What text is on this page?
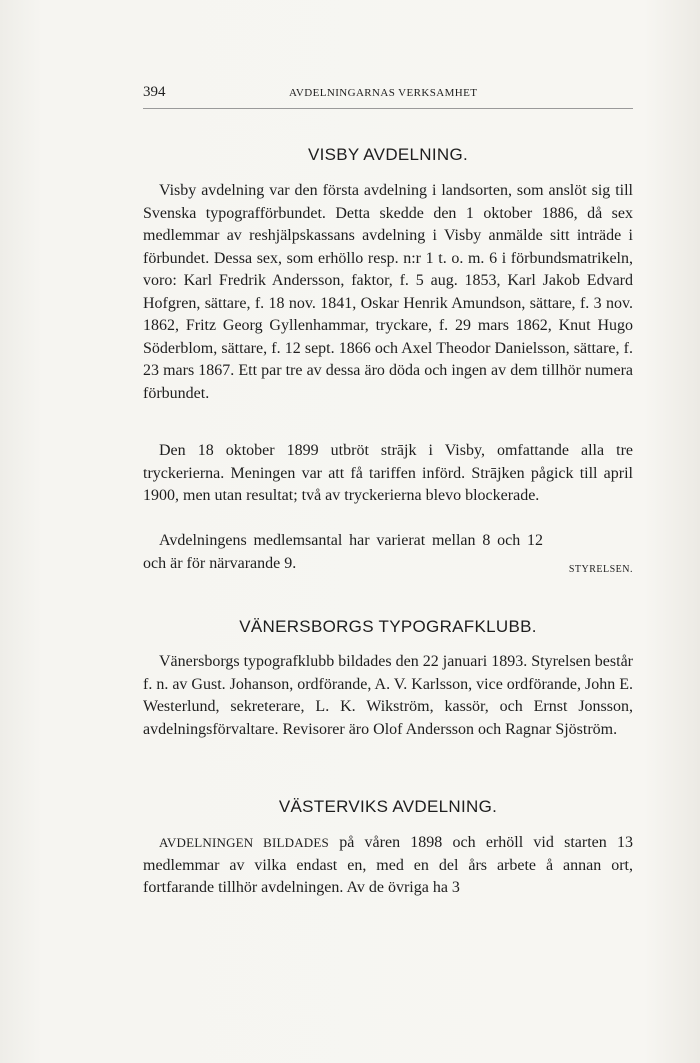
394	AVDELNINGARNAS VERKSAMHET
VISBY AVDELNING.
Visby avdelning var den första avdelning i landsorten, som anslöt sig till Svenska typografförbundet. Detta skedde den 1 oktober 1886, då sex medlemmar av reshjälpskassans avdelning i Visby anmälde sitt inträde i förbundet. Dessa sex, som erhöllo resp. n:r 1 t. o. m. 6 i förbundsmatrikeln, voro: Karl Fredrik Andersson, faktor, f. 5 aug. 1853, Karl Jakob Edvard Hofgren, sättare, f. 18 nov. 1841, Oskar Henrik Amundson, sättare, f. 3 nov. 1862, Fritz Georg Gyllenhammar, tryckare, f. 29 mars 1862, Knut Hugo Söderblom, sättare, f. 12 sept. 1866 och Axel Theodor Danielsson, sättare, f. 23 mars 1867. Ett par tre av dessa äro döda och ingen av dem tillhör numera förbundet.
Den 18 oktober 1899 utbröt strājk i Visby, omfattande alla tre tryckerierna. Meningen var att få tariffen införd. Strājken pågick till april 1900, men utan resultat; två av tryckerierna blevo blockerade.
Avdelningens medlemsantal har varierat mellan 8 och 12 och är för närvarande 9.	STYRELSEN.
VÄNERSBORGS TYPOGRAFKLUBB.
Vänersborgs typografklubb bildades den 22 januari 1893. Styrelsen består f. n. av Gust. Johanson, ordförande, A. V. Karlsson, vice ordförande, John E. Westerlund, sekreterare, L. K. Wikström, kassör, och Ernst Jonsson, avdelningsförvaltare. Revisorer äro Olof Andersson och Ragnar Sjöström.
VÄSTERVIKS AVDELNING.
AVDELNINGEN BILDADES på våren 1898 och erhöll vid starten 13 medlemmar av vilka endast en, med en del års arbete å annan ort, fortfarande tillhör avdelningen. Av de övriga ha 3
